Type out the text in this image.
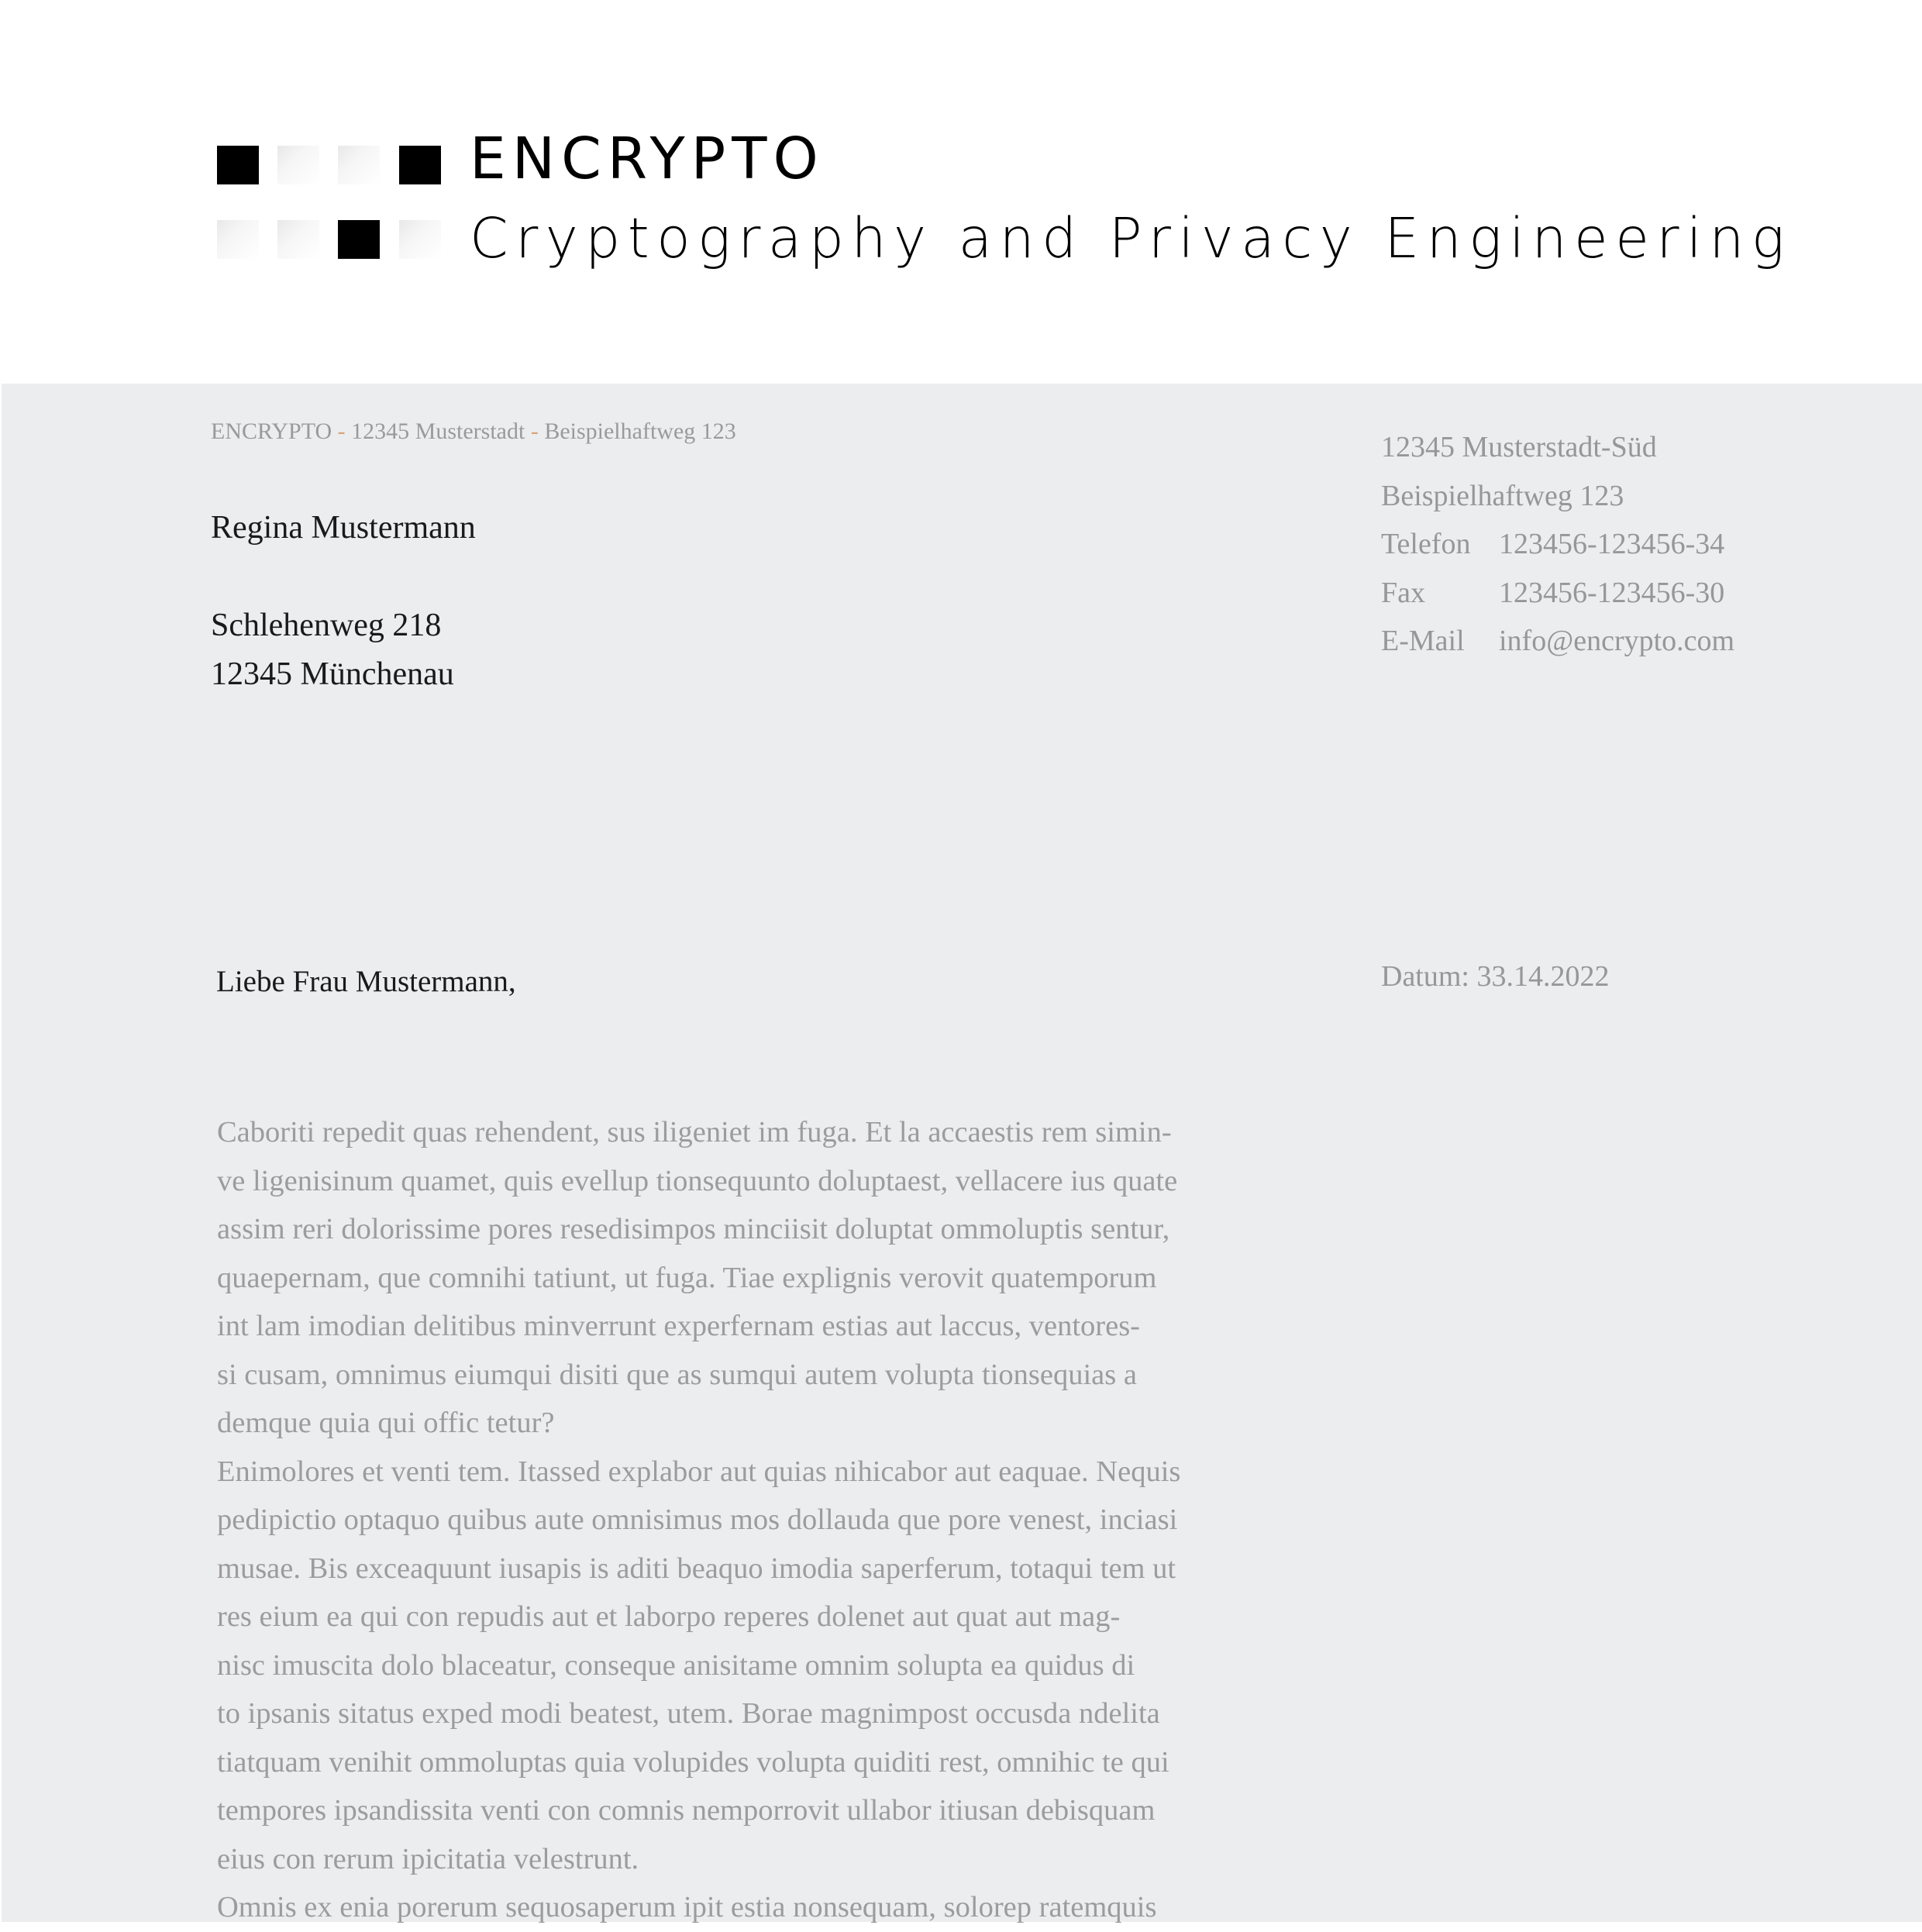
ENCRYPTO
Cryptography and Privacy Engineering
ENCRYPTO - 12345 Musterstadt - Beispielhaftweg 123
Regina Mustermann
Schlehenweg 218
12345 Münchenau
12345 Musterstadt-Süd
Beispielhaftweg 123
Telefon 123456-123456-34
Fax	123456-123456-30
E-Mail info@encrypto.com
Liebe Frau Mustermann,	Datum: 33.14.2022
Caboriti repedit quas rehendent, sus iligeniet im fuga. Et la accaestis rem simin-
ve ligenisinum quamet, quis evellup tionsequunto doluptaest, vellacere ius quate
assim reri dolorissime pores resedisimpos minciisit doluptat ommoluptis sentur,
quaepernam, que comnihi tatiunt, ut fuga. Tiae explignis verovit quatemporum
int lam imodian delitibus minverrunt experfernam estias aut laccus, ventores-
si cusam, omnimus eiumqui disiti que as sumqui autem volupta tionsequias a
demque quia qui offic tetur?
Enimolores et venti tem. Itassed explabor aut quias nihicabor aut eaquae. Nequis
pedipictio optaquo quibus aute omnisimus mos dollauda que pore venest, inciasi
musae. Bis exceaquunt iusapis is aditi beaquo imodia saperferum, totaqui tem ut
res eium ea qui con repudis aut et laborpo reperes dolenet aut quat aut mag-
nisc imuscita dolo blaceatur, conseque anisitame omnim solupta ea quidus di
to ipsanis sitatus exped modi beatest, utem. Borae magnimpost occusda ndelita
tiatquam venihit ommoluptas quia volupides volupta quiditi rest, omnihic te qui
tempores ipsandissita venti con comnis nemporrovit ullabor itiusan debisquam
eius con rerum ipicitatia velestrunt.
Omnis ex enia porerum sequosaperum ipit estia nonsequam, solorep ratemquis
